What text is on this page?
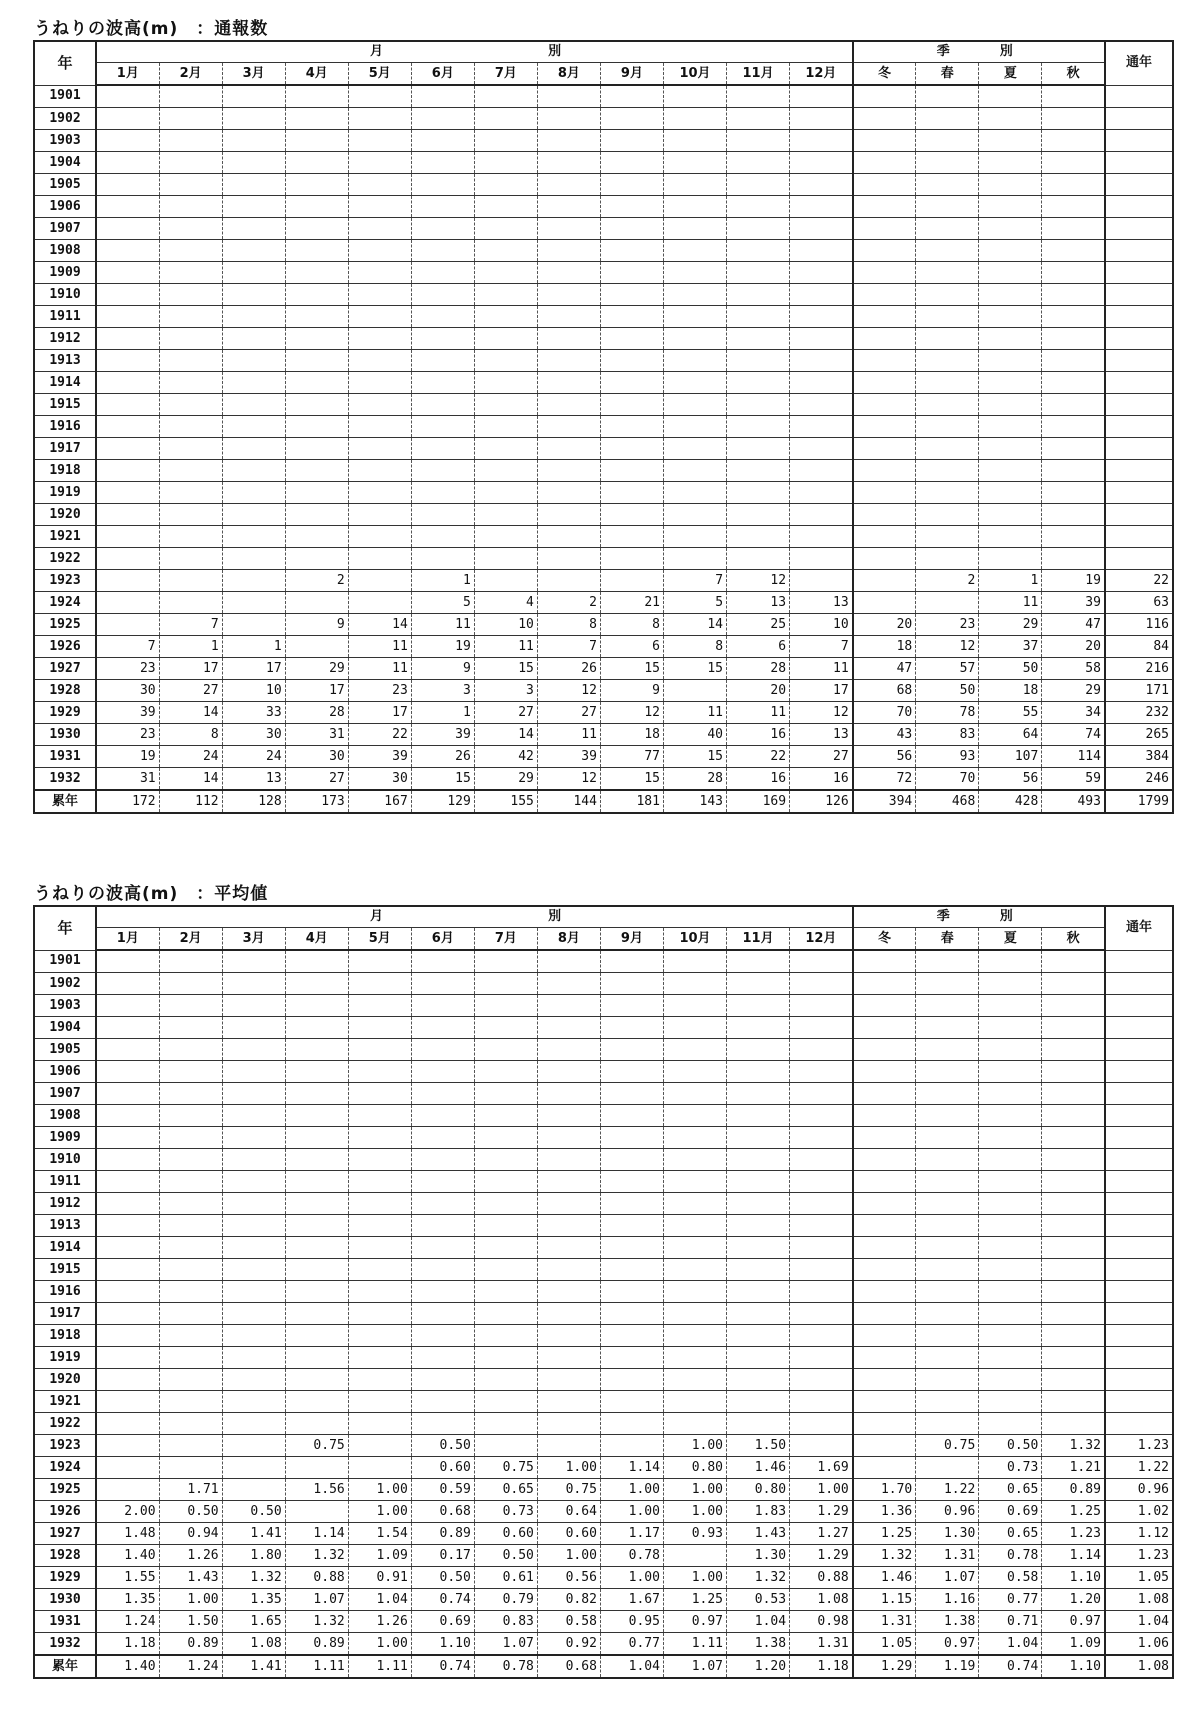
うねりの波高(m)　：通報数
年	月 別												季 別				通年
	1月	2月	3月	4月	5月	6月	7月	8月	9月	10月	11月	12月	冬	春	夏	秋	
1901																	
1902																	
1903																	
1904																	
1905																	
1906																	
1907																	
1908																	
1909																	
1910																	
1911																	
1912																	
1913																	
1914																	
1915																	
1916																	
1917																	
1918																	
1919																	
1920																	
1921																	
1922																	
1923				2		1				7	12			2	1	19	22
1924						5	4	2	21	5	13	13			11	39	63
1925		7		9	14	11	10	8	8	14	25	10	20	23	29	47	116
1926	7	1	1		11	19	11	7	6	8	6	7	18	12	37	20	84
1927	23	17	17	29	11	9	15	26	15	15	28	11	47	57	50	58	216
1928	30	27	10	17	23	3	3	12	9		20	17	68	50	18	29	171
1929	39	14	33	28	17	1	27	27	12	11	11	12	70	78	55	34	232
1930	23	8	30	31	22	39	14	11	18	40	16	13	43	83	64	74	265
1931	19	24	24	30	39	26	42	39	77	15	22	27	56	93	107	114	384
1932	31	14	13	27	30	15	29	12	15	28	16	16	72	70	56	59	246
累年	172	112	128	173	167	129	155	144	181	143	169	126	394	468	428	493	1799
うねりの波高(m)　：平均値
年	月 別												季 別				通年
	1月	2月	3月	4月	5月	6月	7月	8月	9月	10月	11月	12月	冬	春	夏	秋	
1901																	
1902																	
1903																	
1904																	
1905																	
1906																	
1907																	
1908																	
1909																	
1910																	
1911																	
1912																	
1913																	
1914																	
1915																	
1916																	
1917																	
1918																	
1919																	
1920																	
1921																	
1922																	
1923				0.75		0.50				1.00	1.50			0.75	0.50	1.32	1.23
1924						0.60	0.75	1.00	1.14	0.80	1.46	1.69			0.73	1.21	1.22
1925		1.71		1.56	1.00	0.59	0.65	0.75	1.00	1.00	0.80	1.00	1.70	1.22	0.65	0.89	0.96
1926	2.00	0.50	0.50		1.00	0.68	0.73	0.64	1.00	1.00	1.83	1.29	1.36	0.96	0.69	1.25	1.02
1927	1.48	0.94	1.41	1.14	1.54	0.89	0.60	0.60	1.17	0.93	1.43	1.27	1.25	1.30	0.65	1.23	1.12
1928	1.40	1.26	1.80	1.32	1.09	0.17	0.50	1.00	0.78		1.30	1.29	1.32	1.31	0.78	1.14	1.23
1929	1.55	1.43	1.32	0.88	0.91	0.50	0.61	0.56	1.00	1.00	1.32	0.88	1.46	1.07	0.58	1.10	1.05
1930	1.35	1.00	1.35	1.07	1.04	0.74	0.79	0.82	1.67	1.25	0.53	1.08	1.15	1.16	0.77	1.20	1.08
1931	1.24	1.50	1.65	1.32	1.26	0.69	0.83	0.58	0.95	0.97	1.04	0.98	1.31	1.38	0.71	0.97	1.04
1932	1.18	0.89	1.08	0.89	1.00	1.10	1.07	0.92	0.77	1.11	1.38	1.31	1.05	0.97	1.04	1.09	1.06
累年	1.40	1.24	1.41	1.11	1.11	0.74	0.78	0.68	1.04	1.07	1.20	1.18	1.29	1.19	0.74	1.10	1.08
